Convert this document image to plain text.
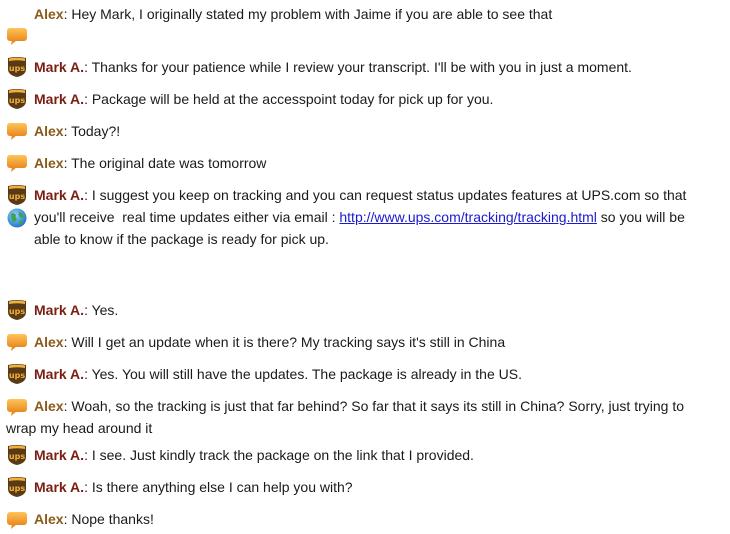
Alex: Hey Mark, I originally stated my problem with Jaime if you are able to see that
ups Mark A.: Thanks for your patience while I review your transcript. I'll be with you in just a moment.
ups Mark A.: Package will be held at the accesspoint today for pick up for you.
Alex: Today?!
Alex: The original date was tomorrow
ups Mark A.: I suggest you keep on tracking and you can request status updates features at UPS.com so that
you'll receive  real time updates either via email : http://www.ups.com/tracking/tracking.html so you will be
able to know if the package is ready for pick up.
ups Mark A.: Yes.
Alex: Will I get an update when it is there? My tracking says it's still in China
ups Mark A.: Yes. You will still have the updates. The package is already in the US.
Alex: Woah, so the tracking is just that far behind? So far that it says its still in China? Sorry, just trying to
wrap my head around it
ups Mark A.: I see. Just kindly track the package on the link that I provided.
ups Mark A.: Is there anything else I can help you with?
Alex: Nope thanks!
